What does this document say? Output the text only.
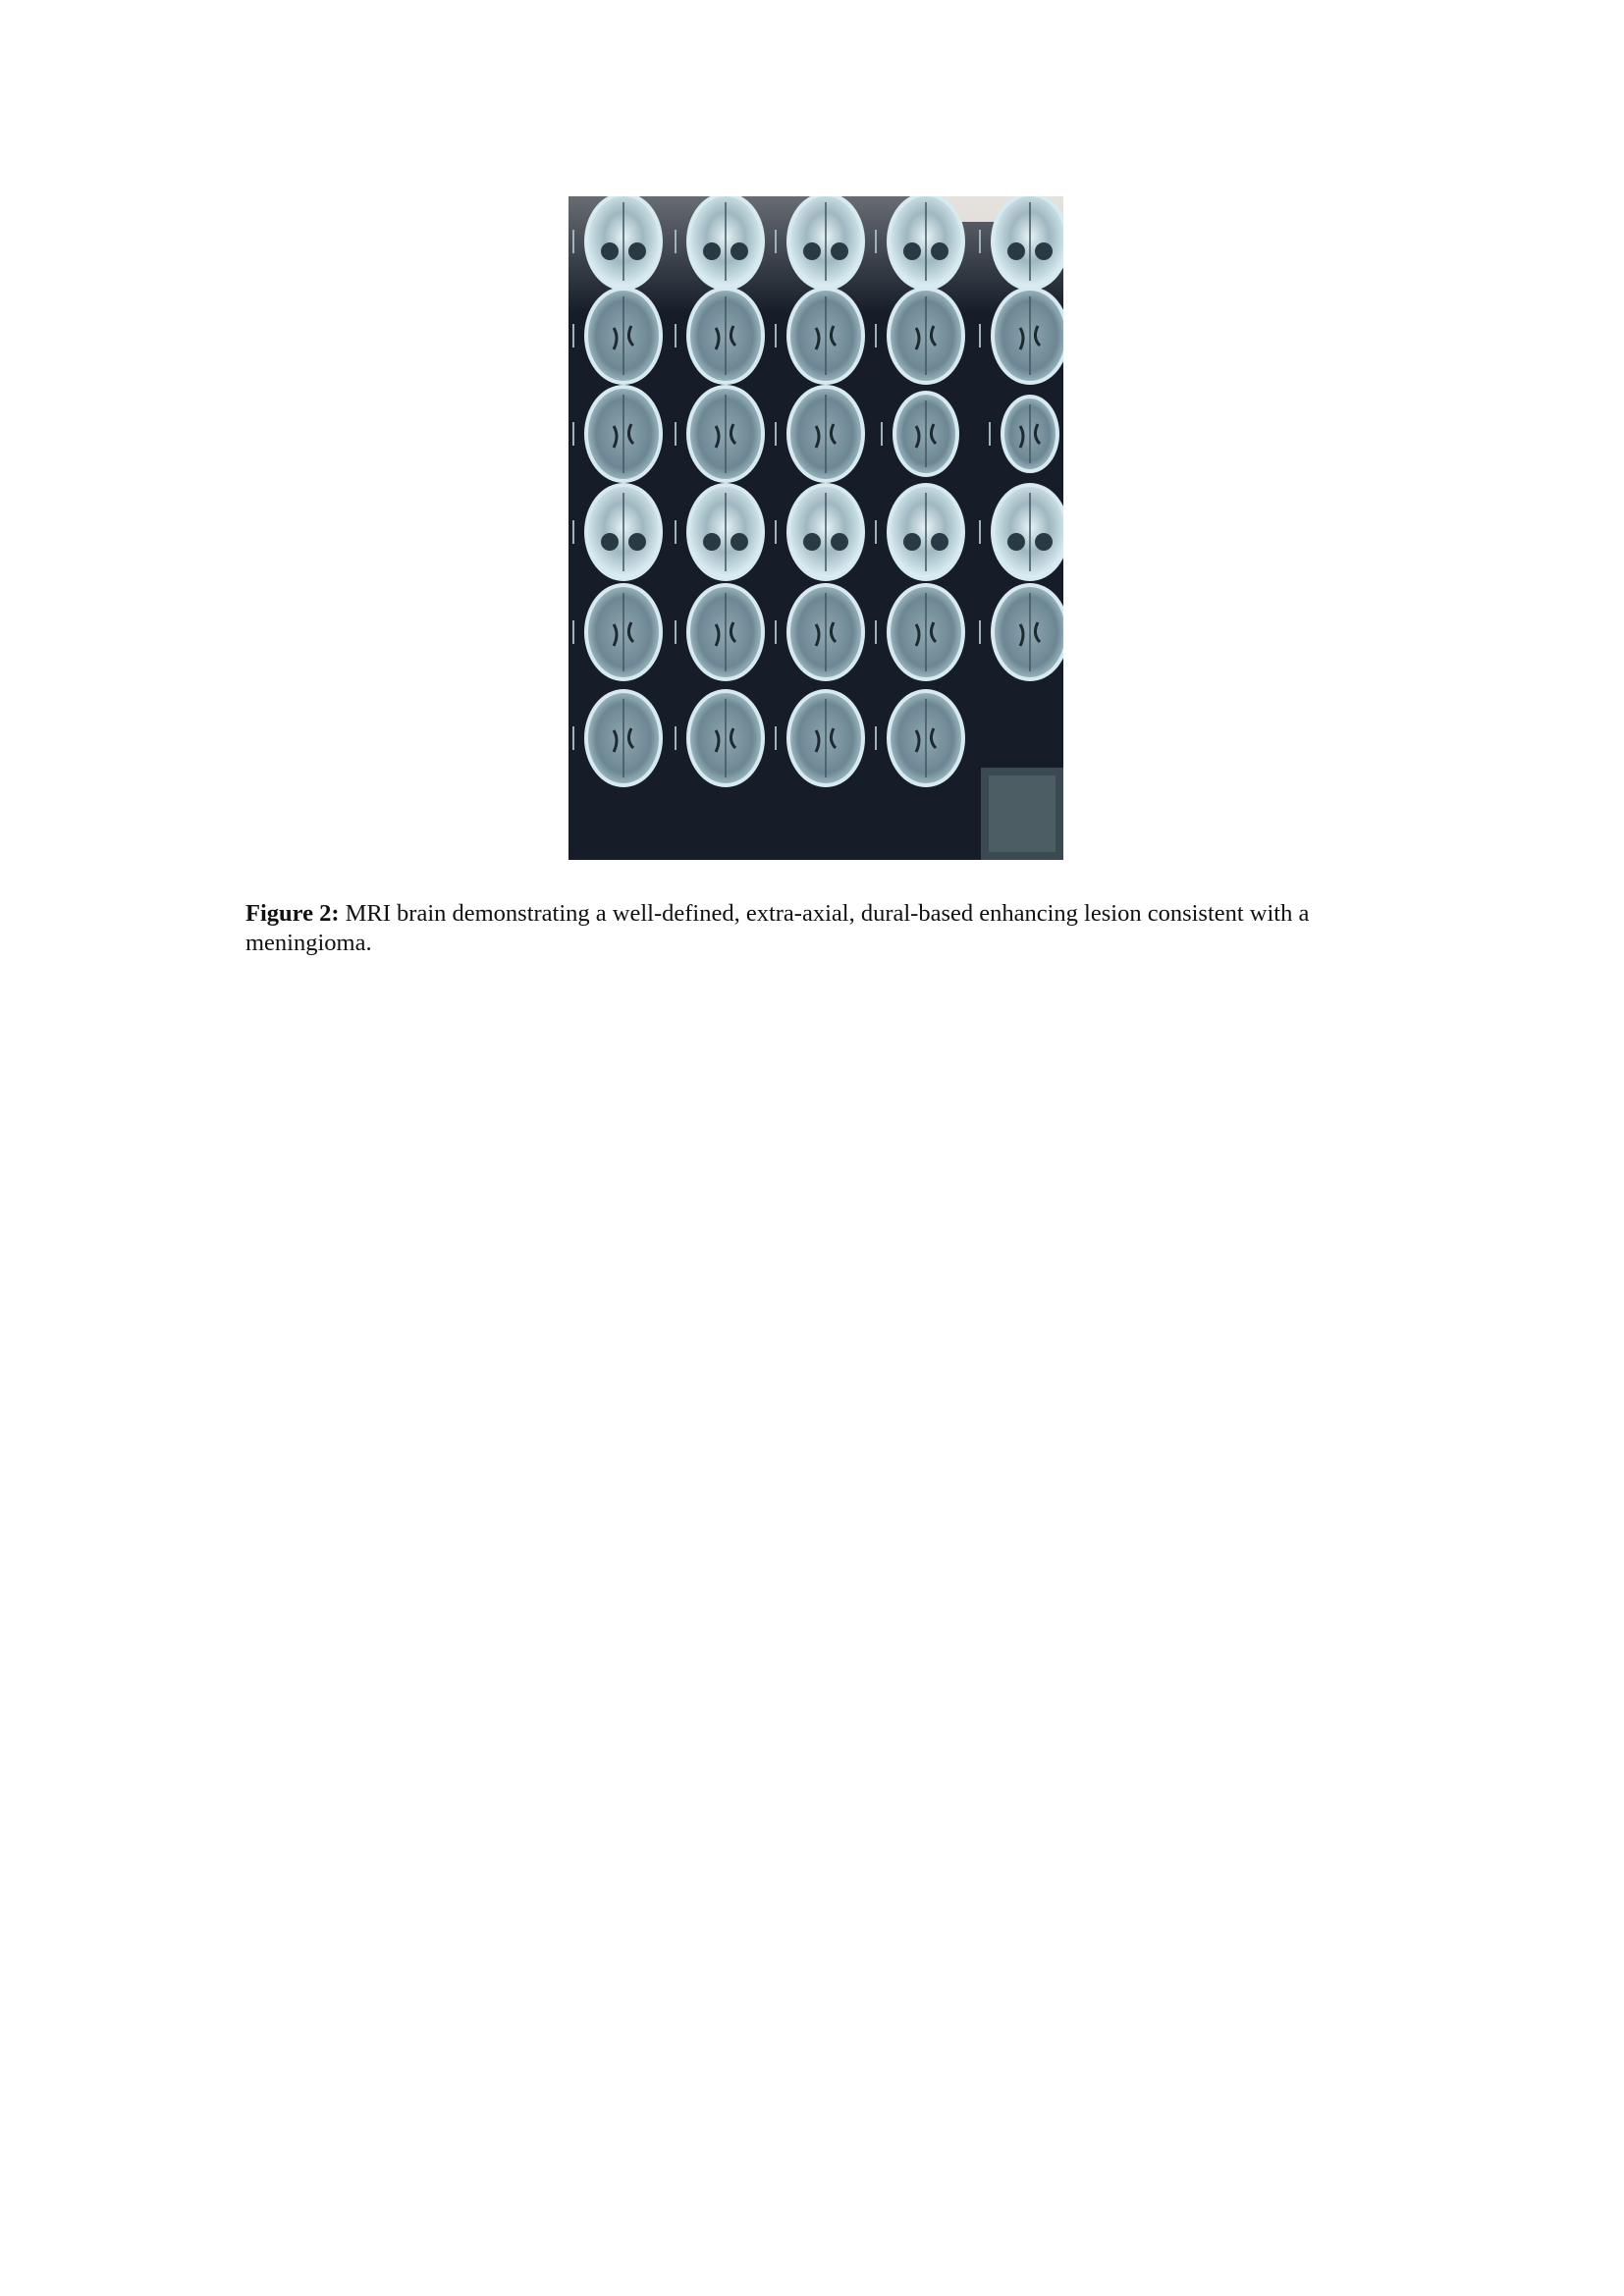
Figure 2: MRI brain demonstrating a well-defined, extra-axial, dural-based enhancing lesion consistent with a meningioma.
